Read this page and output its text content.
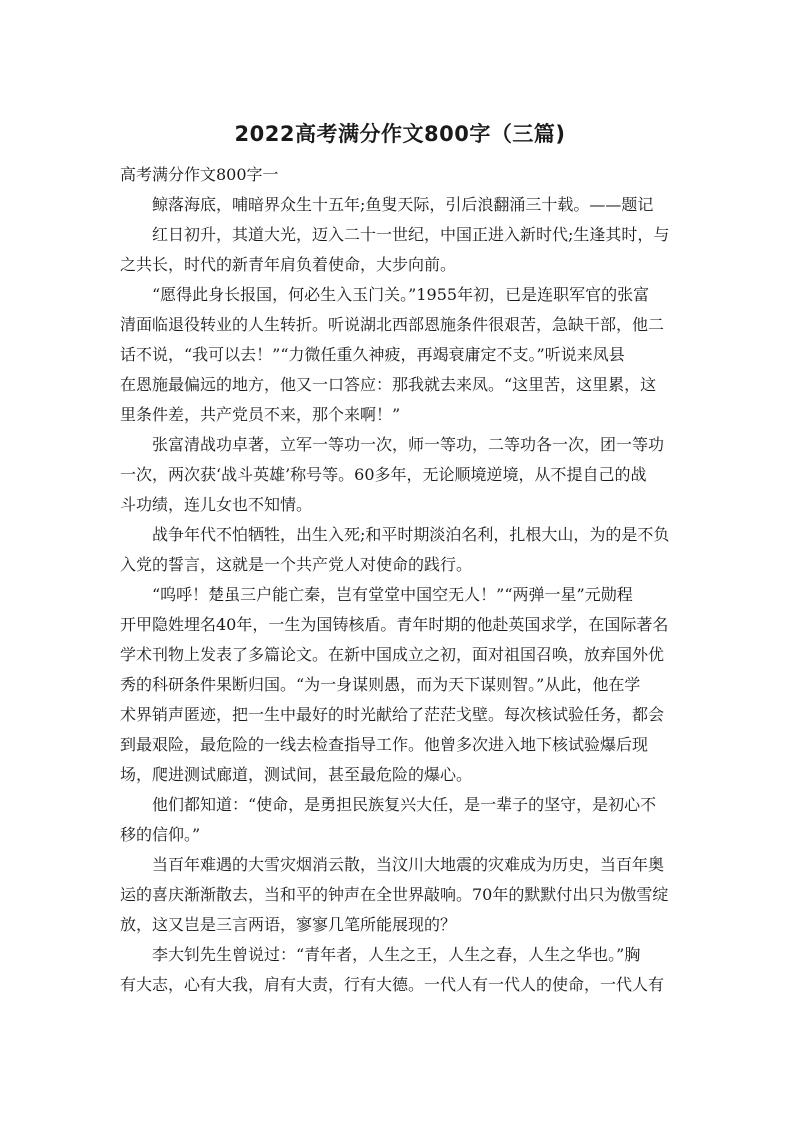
2022高考满分作文800字（三篇)
高考满分作文800字一
鲸落海底，哺暗界众生十五年;鱼叟天际，引后浪翻涌三十载。——题记
红日初升，其道大光，迈入二十一世纪，中国正进入新时代;生逢其时，与
之共长，时代的新青年肩负着使命，大步向前。
“愿得此身长报国，何必生入玉门关。”1955年初，已是连职军官的张富
清面临退役转业的人生转折。听说湖北西部恩施条件很艰苦，急缺干部，他二
话不说，“我可以去！”“力微任重久神疲，再竭衰庸定不支。”听说来凤县
在恩施最偏远的地方，他又一口答应：那我就去来凤。“这里苦，这里累，这
里条件差，共产党员不来，那个来啊！”
张富清战功卓著，立军一等功一次，师一等功，二等功各一次，团一等功
一次，两次获‘战斗英雄’称号等。60多年，无论顺境逆境，从不提自己的战
斗功绩，连儿女也不知情。
战争年代不怕牺牲，出生入死;和平时期淡泊名利，扎根大山，为的是不负
入党的誓言，这就是一个共产党人对使命的践行。
“呜呼！楚虽三户能亡秦，岂有堂堂中国空无人！”“两弹一星”元勋程
开甲隐姓埋名40年，一生为国铸核盾。青年时期的他赴英国求学，在国际著名
学术刊物上发表了多篇论文。在新中国成立之初，面对祖国召唤，放弃国外优
秀的科研条件果断归国。“为一身谋则愚，而为天下谋则智。”从此，他在学
术界销声匿迹，把一生中最好的时光献给了茫茫戈壁。每次核试验任务，都会
到最艰险，最危险的一线去检查指导工作。他曾多次进入地下核试验爆后现
场，爬进测试廊道，测试间，甚至最危险的爆心。
他们都知道：“使命，是勇担民族复兴大任，是一辈子的坚守，是初心不
移的信仰。”
当百年难遇的大雪灾烟消云散，当汶川大地震的灾难成为历史，当百年奥
运的喜庆渐渐散去，当和平的钟声在全世界敲响。70年的默默付出只为傲雪绽
放，这又岂是三言两语，寥寥几笔所能展现的？
李大钊先生曾说过：“青年者，人生之王，人生之春，人生之华也。”胸
有大志，心有大我，肩有大责，行有大德。一代人有一代人的使命，一代人有
